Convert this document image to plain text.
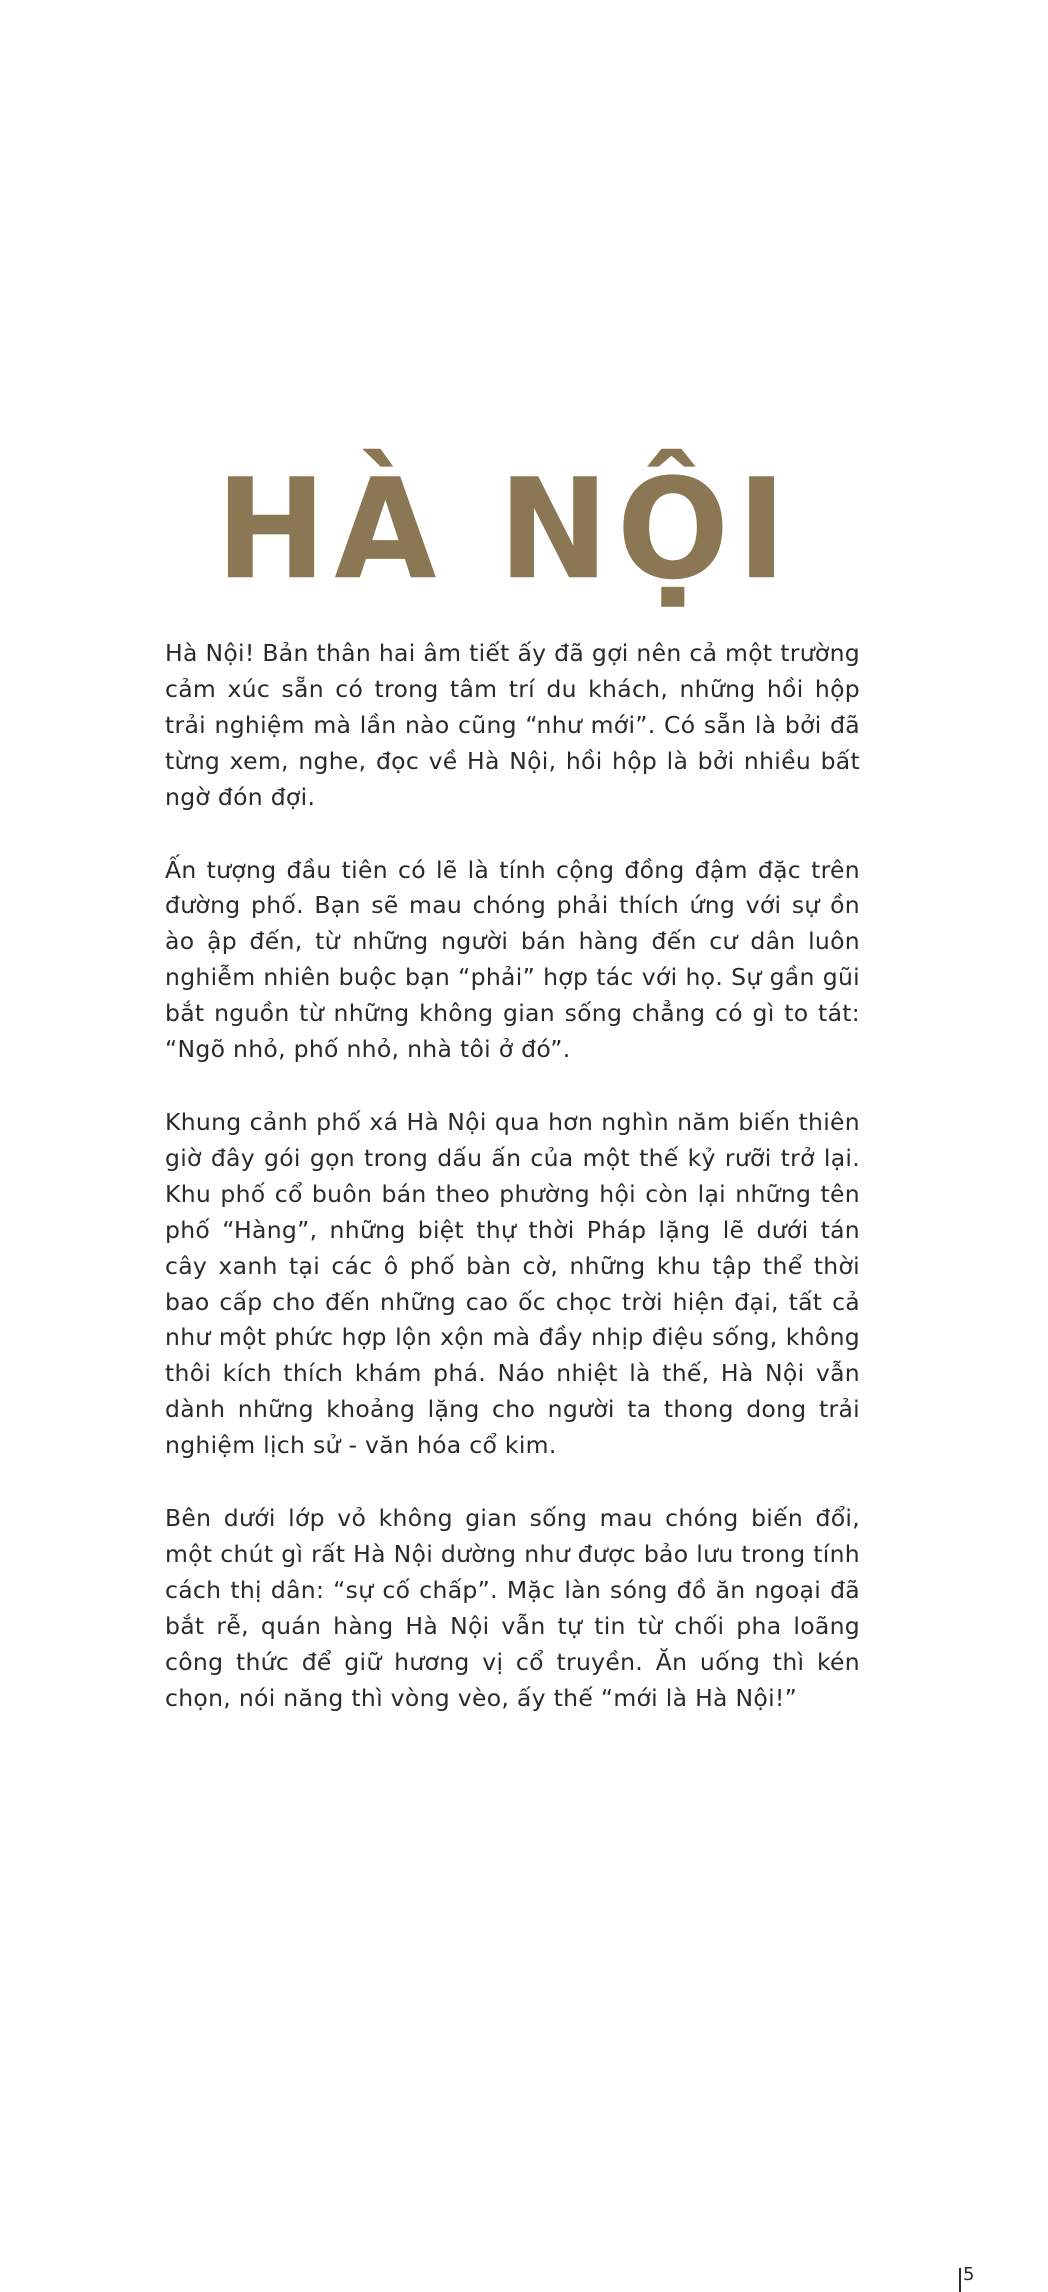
HÀ NỘI

Hà Nội! Bản thân hai âm tiết ấy đã gợi nên cả một trường cảm xúc sẵn có trong tâm trí du khách, những hồi hộp trải nghiệm mà lần nào cũng “như mới”. Có sẵn là bởi đã từng xem, nghe, đọc về Hà Nội, hồi hộp là bởi nhiều bất ngờ đón đợi.

Ấn tượng đầu tiên có lẽ là tính cộng đồng đậm đặc trên đường phố. Bạn sẽ mau chóng phải thích ứng với sự ồn ào ập đến, từ những người bán hàng đến cư dân luôn nghiễm nhiên buộc bạn “phải” hợp tác với họ. Sự gần gũi bắt nguồn từ những không gian sống chẳng có gì to tát: “Ngõ nhỏ, phố nhỏ, nhà tôi ở đó”.

Khung cảnh phố xá Hà Nội qua hơn nghìn năm biến thiên giờ đây gói gọn trong dấu ấn của một thế kỷ rưỡi trở lại. Khu phố cổ buôn bán theo phường hội còn lại những tên phố “Hàng”, những biệt thự thời Pháp lặng lẽ dưới tán cây xanh tại các ô phố bàn cờ, những khu tập thể thời bao cấp cho đến những cao ốc chọc trời hiện đại, tất cả như một phức hợp lộn xộn mà đầy nhịp điệu sống, không thôi kích thích khám phá. Náo nhiệt là thế, Hà Nội vẫn dành những khoảng lặng cho người ta thong dong trải nghiệm lịch sử - văn hóa cổ kim.

Bên dưới lớp vỏ không gian sống mau chóng biến đổi, một chút gì rất Hà Nội dường như được bảo lưu trong tính cách thị dân: “sự cố chấp”. Mặc làn sóng đồ ăn ngoại đã bắt rễ, quán hàng Hà Nội vẫn tự tin từ chối pha loãng công thức để giữ hương vị cổ truyền. Ăn uống thì kén chọn, nói năng thì vòng vèo, ấy thế “mới là Hà Nội!”

5
